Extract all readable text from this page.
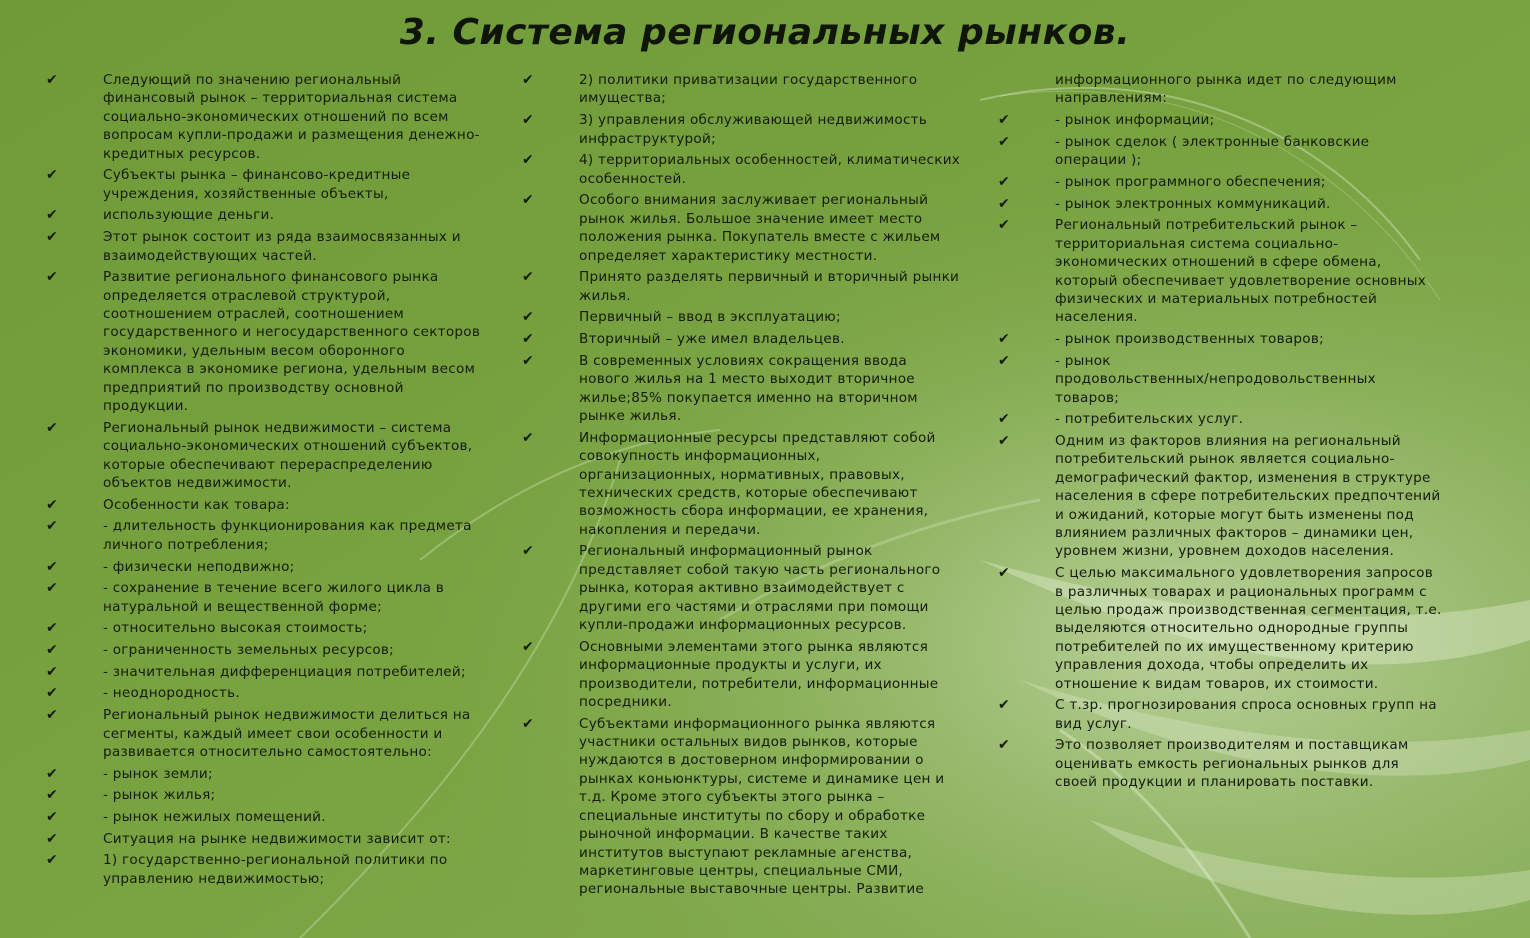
3. Система региональных рынков.
✔	Следующий по значению региональный
финансовый рынок – территориальная система
социально-экономических отношений по всем
вопросам купли-продажи и размещения денежно-
кредитных ресурсов.
✔	Субъекты рынка – финансово-кредитные
учреждения, хозяйственные объекты,
✔	использующие деньги.
✔	Этот рынок состоит из ряда взаимосвязанных и
взаимодействующих частей.
✔	Развитие регионального финансового рынка
определяется отраслевой структурой,
соотношением отраслей, соотношением
государственного и негосударственного секторов
экономики, удельным весом оборонного
комплекса в экономике региона, удельным весом
предприятий по производству основной
продукции.
✔	Региональный рынок недвижимости – система
социально-экономических отношений субъектов,
которые обеспечивают перераспределению
объектов недвижимости.
✔	Особенности как товара:
✔	- длительность функционирования как предмета
личного потребления;
✔	- физически неподвижно;
✔	- сохранение в течение всего жилого цикла в
натуральной и вещественной форме;
✔	- относительно высокая стоимость;
✔	- ограниченность земельных ресурсов;
✔	- значительная дифференциация потребителей;
✔	- неоднородность.
✔	Региональный рынок недвижимости делиться на
сегменты, каждый имеет свои особенности и
развивается относительно самостоятельно:
✔	- рынок земли;
✔	- рынок жилья;
✔	- рынок нежилых помещений.
✔	Ситуация на рынке недвижимости зависит от:
✔	1) государственно-региональной политики по
управлению недвижимостью;
✔	2) политики приватизации государственного
имущества;
✔	3) управления обслуживающей недвижимость
инфраструктурой;
✔	4) территориальных особенностей, климатических
особенностей.
✔	Особого внимания заслуживает региональный
рынок жилья. Большое значение имеет место
положения рынка. Покупатель вместе с жильем
определяет характеристику местности.
✔	Принято разделять первичный и вторичный рынки
жилья.
✔	Первичный – ввод в эксплуатацию;
✔	Вторичный – уже имел владельцев.
✔	В современных условиях сокращения ввода
нового жилья на 1 место выходит вторичное
жилье;85% покупается именно на вторичном
рынке жилья.
✔	Информационные ресурсы представляют собой
совокупность информационных,
организационных, нормативных, правовых,
технических средств, которые обеспечивают
возможность сбора информации, ее хранения,
накопления и передачи.
✔	Региональный информационный рынок
представляет собой такую часть регионального
рынка, которая активно взаимодействует с
другими его частями и отраслями при помощи
купли-продажи информационных ресурсов.
✔	Основными элементами этого рынка являются
информационные продукты и услуги, их
производители, потребители, информационные
посредники.
✔	Субъектами информационного рынка являются
участники остальных видов рынков, которые
нуждаются в достоверном информировании о
рынках коньюнктуры, системе и динамике цен и
т.д. Кроме этого субъекты этого рынка –
специальные институты по сбору и обработке
рыночной информации. В качестве таких
институтов выступают рекламные агенства,
маркетинговые центры, специальные СМИ,
региональные выставочные центры. Развитие
информационного рынка идет по следующим
направлениям:
✔	- рынок информации;
✔	- рынок сделок ( электронные банковские
операции );
✔	- рынок программного обеспечения;
✔	- рынок электронных коммуникаций.
✔	Региональный потребительский рынок –
территориальная система социально-
экономических отношений в сфере обмена,
который обеспечивает удовлетворение основных
физических и материальных потребностей
населения.
✔	- рынок производственных товаров;
✔	- рынок
продовольственных/непродовольственных
товаров;
✔	- потребительских услуг.
✔	Одним из факторов влияния на региональный
потребительский рынок является социально-
демографический фактор, изменения в структуре
населения в сфере потребительских предпочтений
и ожиданий, которые могут быть изменены под
влиянием различных факторов – динамики цен,
уровнем жизни, уровнем доходов населения.
✔	С целью максимального удовлетворения запросов
в различных товарах и рациональных программ с
целью продаж производственная сегментация, т.е.
выделяются относительно однородные группы
потребителей по их имущественному критерию
управления дохода, чтобы определить их
отношение к видам товаров, их стоимости.
✔	С т.зр. прогнозирования спроса основных групп на
вид услуг.
✔	Это позволяет производителям и поставщикам
оценивать емкость региональных рынков для
своей продукции и планировать поставки.
